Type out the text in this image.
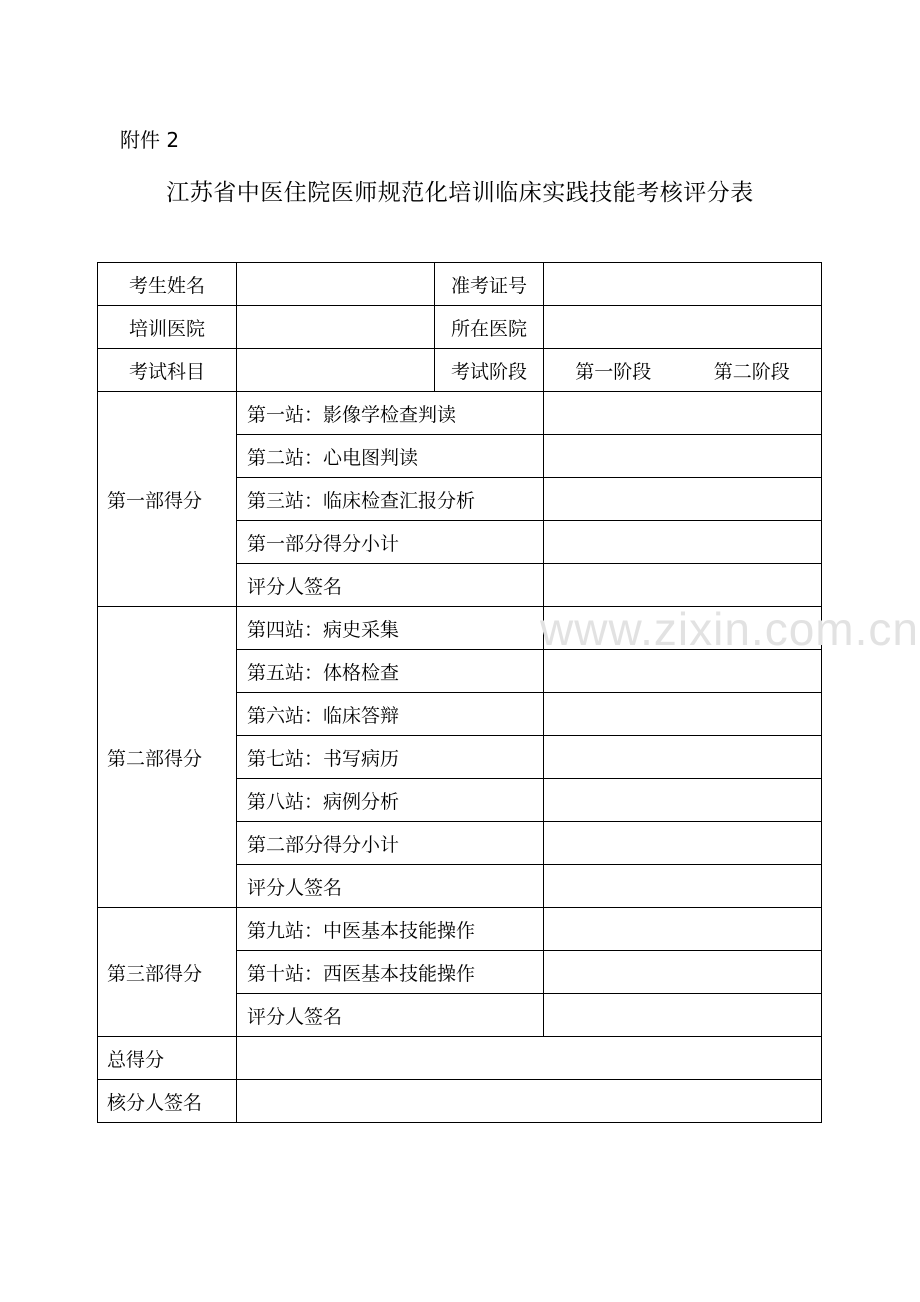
附件 2
江苏省中医住院医师规范化培训临床实践技能考核评分表
考生姓名		准考证号	
培训医院		所在医院	
考试科目		考试阶段	第一阶段 第二阶段

第一部得分	第一站：影像学检查判读		
	第二站：心电图判读		
	第三站：临床检查汇报分析		
	第一部分得分小计		
	评分人签名		
第二部得分	第四站：病史采集		
	第五站：体格检查		
	第六站：临床答辩		
	第七站：书写病历		
	第八站：病例分析		
	第二部分得分小计		
	评分人签名		
第三部得分	第九站：中医基本技能操作		
	第十站：西医基本技能操作		
	评分人签名		
总得分			
核分人签名			
www.zixin.com.cn
